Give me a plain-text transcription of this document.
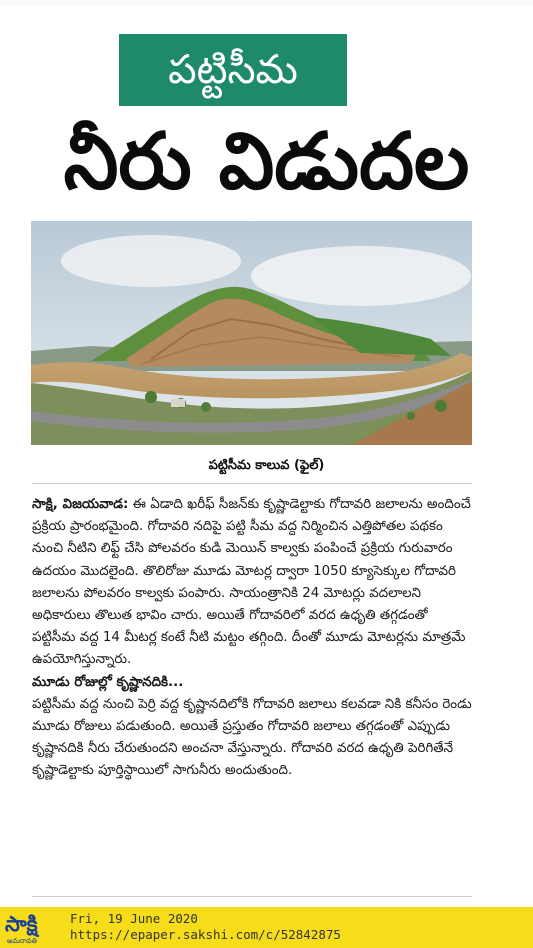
పట్టిసీమ
నీరు విడుదల
పట్టిసీమ కాలువ (ఫైల్‌)

సాక్షి, విజయవాడ: ఈ ఏడాది ఖరీఫ్‌ సీజన్‌కు కృష్ణాడెల్టాకు గోదావరి జలాలను అందించే ప్రక్రియ ప్రారంభమైంది. గోదావరి నదిపై పట్టి సీమ వద్ద నిర్మించిన ఎత్తిపోతల పథకం నుంచి నీటిని లిఫ్ట్‌ చేసి పోలవరం కుడి మెయిన్‌ కాల్వకు పంపించే ప్రక్రియ గురువారం ఉదయం మొదలైంది. తొలిరోజు మూడు మోటర్ల ద్వారా 1050 క్యూసెక్కుల గోదావరి జలాలను పోలవరం కాల్వకు పంపారు. సాయంత్రానికి 24 మోటర్లు వదలాలని అధికారులు తొలుత భావిం చారు. అయితే గోదావరిలో వరద ఉధృతి తగ్గడంతో పట్టిసీమ వద్ద 14 మీటర్ల కంటే నీటి మట్టం తగ్గింది. దీంతో మూడు మోటర్లను మాత్రమే ఉపయోగిస్తున్నారు.

మూడు రోజుల్లో కృష్ణానదికి...

పట్టిసీమ వద్ద నుంచి పెర్రి వద్ద కృష్ణానదిలోకి గోదావరి జలాలు కలవడా నికి కనీసం రెండు మూడు రోజులు పడుతుంది. అయితే ప్రస్తుతం గోదావరి జలాలు తగ్గడంతో ఎప్పుడు కృష్ణానదికి నీరు చేరుతుందని అంచనా వేస్తున్నారు. గోదావరి వరద ఉధృతి పెరిగితేనే కృష్ణాడెల్టాకు పూర్తిస్థాయిలో సాగునీరు అందుతుంది.

సాక్షి
అమరావతి
Fri, 19 June 2020
https://epaper.sakshi.com/c/52842875
